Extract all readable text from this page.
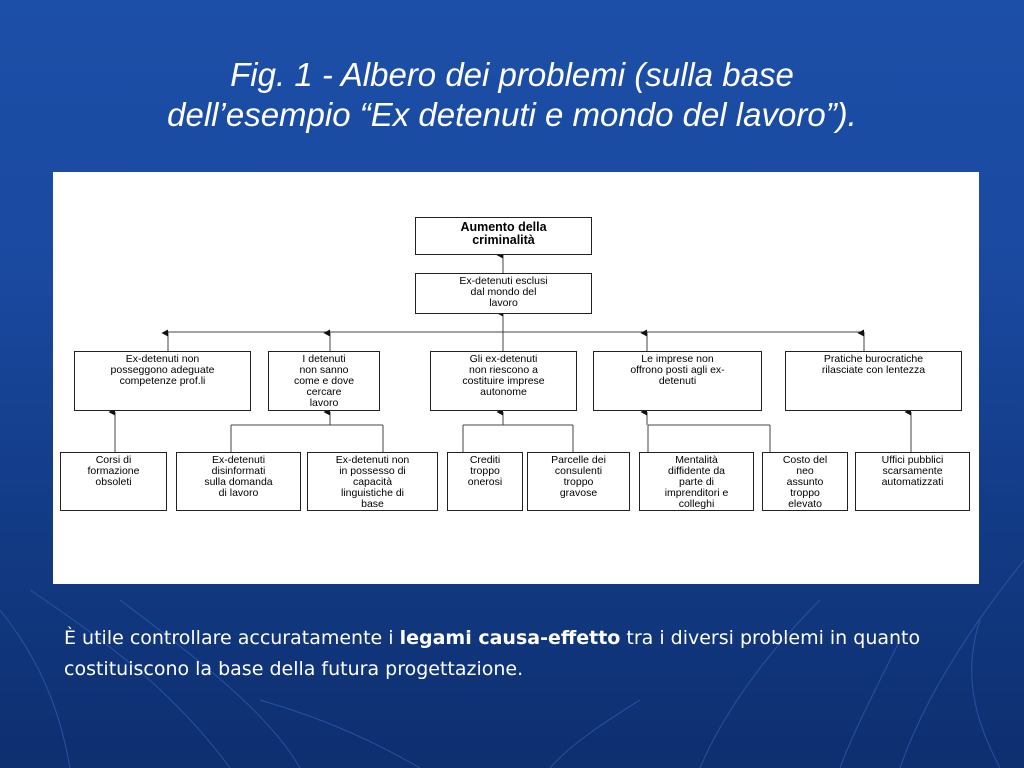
Fig. 1 - Albero dei problemi (sulla base
dell’esempio “Ex detenuti e mondo del lavoro”).
Aumento della
criminalità
Ex-detenuti esclusi
dal mondo del
lavoro
Ex-detenuti non
posseggono adeguate
competenze prof.li
I detenuti
non sanno
come e dove
cercare
lavoro
Gli ex-detenuti
non riescono a
costituire imprese
autonome
Le imprese non
offrono posti agli ex-
detenuti
Pratiche burocratiche
rilasciate con lentezza
Corsi di
formazione
obsoleti
Ex-detenuti
disinformati
sulla domanda
di lavoro
Ex-detenuti non
in possesso di
capacità
linguistiche di
base
Crediti
troppo
onerosi
Parcelle dei
consulenti
troppo
gravose
Mentalità
diffidente da
parte di
imprenditori e
colleghi
Costo del
neo
assunto
troppo
elevato
Uffici pubblici
scarsamente
automatizzati
È utile controllare accuratamente i legami causa-effetto tra i diversi problemi in quanto costituiscono la base della futura progettazione.
